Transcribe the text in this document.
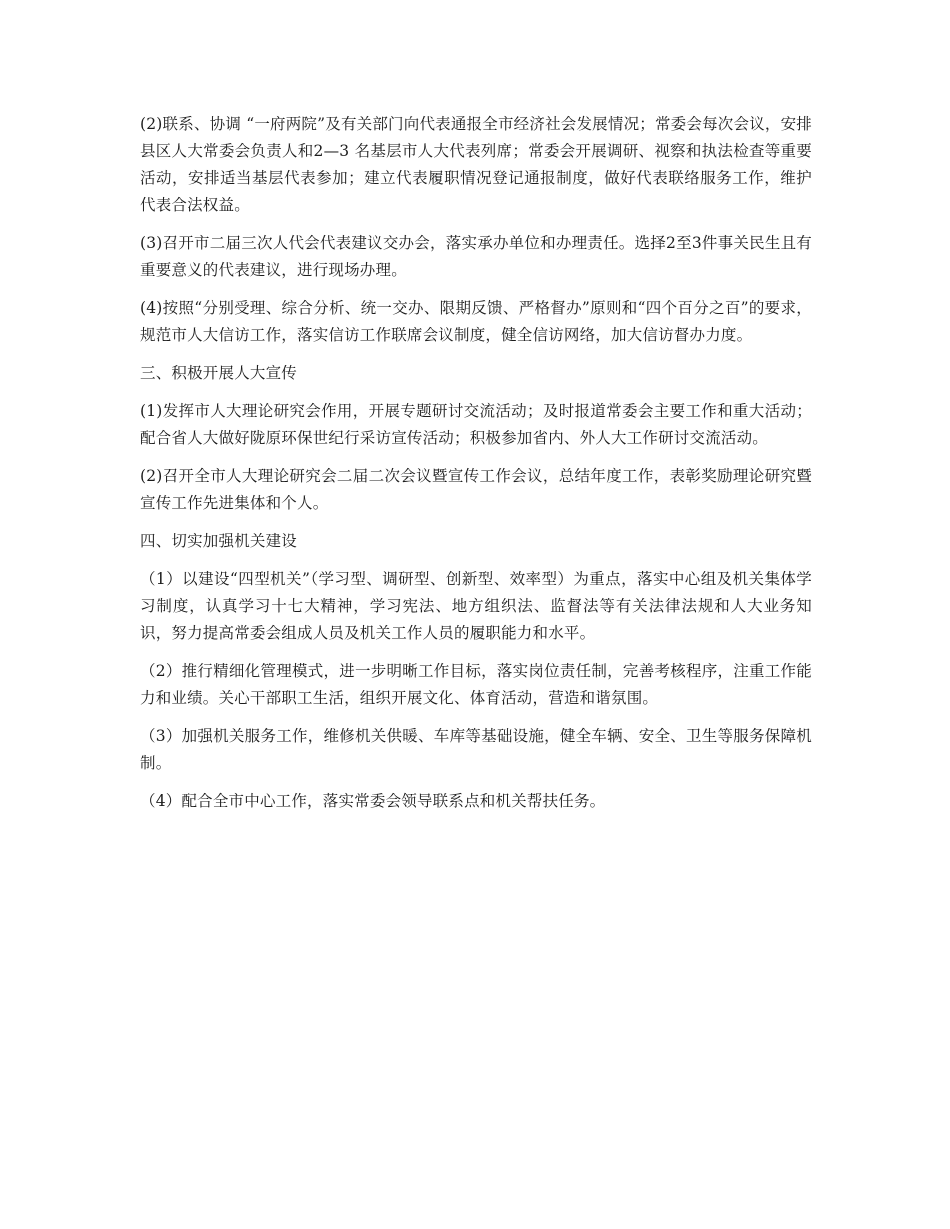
(2)联系、协调 “一府两院”及有关部门向代表通报全市经济社会发展情况；常委会每次会议，安排县区人大常委会负责人和2—3 名基层市人大代表列席；常委会开展调研、视察和执法检查等重要活动，安排适当基层代表参加；建立代表履职情况登记通报制度，做好代表联络服务工作，维护代表合法权益。

(3)召开市二届三次人代会代表建议交办会，落实承办单位和办理责任。选择2至3件事关民生且有重要意义的代表建议，进行现场办理。

(4)按照“分别受理、综合分析、统一交办、限期反馈、严格督办”原则和“四个百分之百”的要求，规范市人大信访工作，落实信访工作联席会议制度，健全信访网络，加大信访督办力度。

三、积极开展人大宣传

(1)发挥市人大理论研究会作用，开展专题研讨交流活动；及时报道常委会主要工作和重大活动；配合省人大做好陇原环保世纪行采访宣传活动；积极参加省内、外人大工作研讨交流活动。

(2)召开全市人大理论研究会二届二次会议暨宣传工作会议，总结年度工作，表彰奖励理论研究暨宣传工作先进集体和个人。

四、切实加强机关建设

（1）以建设“四型机关”（学习型、调研型、创新型、效率型）为重点，落实中心组及机关集体学习制度，认真学习十七大精神，学习宪法、地方组织法、监督法等有关法律法规和人大业务知识，努力提高常委会组成人员及机关工作人员的履职能力和水平。

（2）推行精细化管理模式，进一步明晰工作目标，落实岗位责任制，完善考核程序，注重工作能力和业绩。关心干部职工生活，组织开展文化、体育活动，营造和谐氛围。

（3）加强机关服务工作，维修机关供暖、车库等基础设施，健全车辆、安全、卫生等服务保障机制。

（4）配合全市中心工作，落实常委会领导联系点和机关帮扶任务。
